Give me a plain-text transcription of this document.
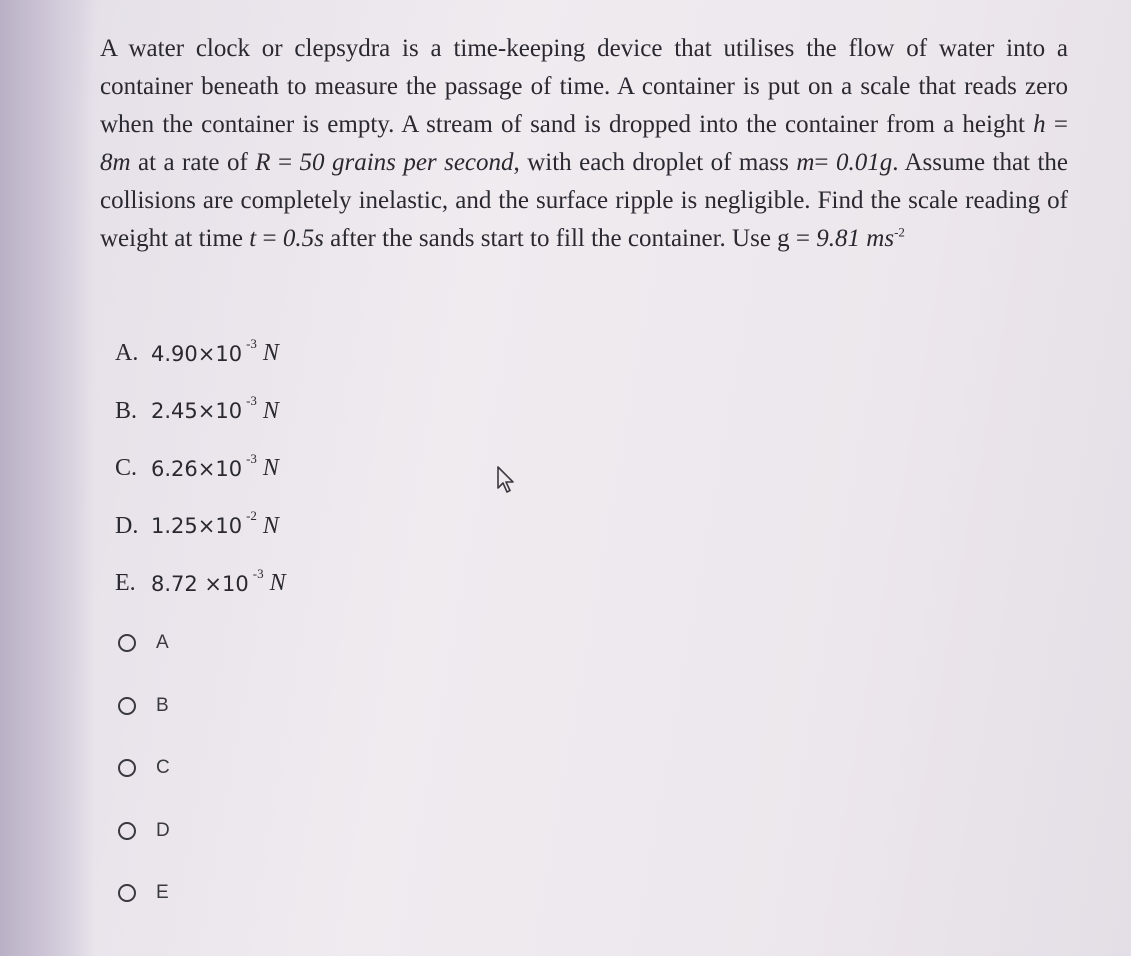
A water clock or clepsydra is a time-keeping device that utilises the flow of water into a container beneath to measure the passage of time. A container is put on a scale that reads zero when the container is empty. A stream of sand is dropped into the container from a height h = 8m at a rate of R = 50 grains per second, with each droplet of mass m= 0.01g. Assume that the collisions are completely inelastic, and the surface ripple is negligible. Find the scale reading of weight at time t = 0.5s after the sands start to fill the container. Use g = 9.81 $ms^{-2}$

A. 4.90×10 $^{-3}$ N
B. 2.45×10 $^{-3}$ N
C. 6.26×10 $^{-3}$ N
D. 1.25×10 $^{-2}$ N
E. 8.72 ×10 $^{-3}$ N
A
B
C
D
E
